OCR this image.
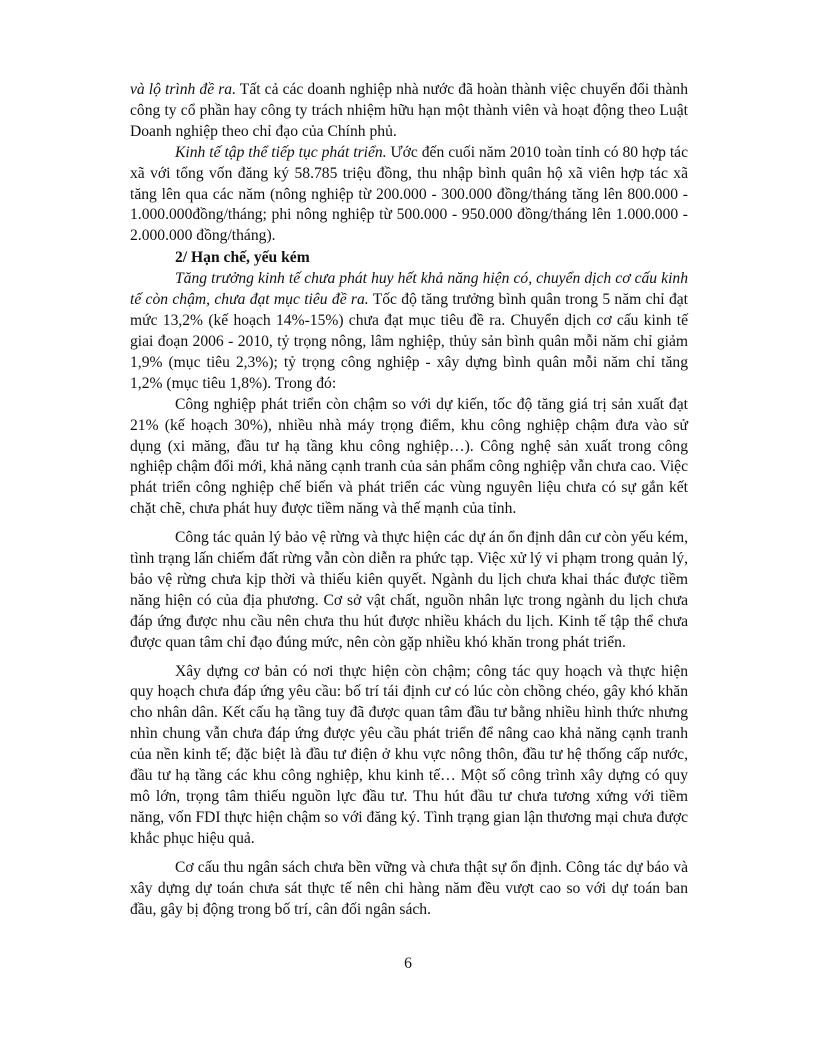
và lộ trình đề ra. Tất cả các doanh nghiệp nhà nước đã hoàn thành việc chuyển đổi thành công ty cổ phần hay công ty trách nhiệm hữu hạn một thành viên và hoạt động theo Luật Doanh nghiệp theo chỉ đạo của Chính phủ.

Kinh tế tập thể tiếp tục phát triển. Ước đến cuối năm 2010 toàn tỉnh có 80 hợp tác xã với tổng vốn đăng ký 58.785 triệu đồng, thu nhập bình quân hộ xã viên hợp tác xã tăng lên qua các năm (nông nghiệp từ 200.000 - 300.000 đồng/tháng tăng lên 800.000 - 1.000.000đồng/tháng; phi nông nghiệp từ 500.000 - 950.000 đồng/tháng lên 1.000.000 - 2.000.000 đồng/tháng).

2/ Hạn chế, yếu kém

Tăng trưởng kinh tế chưa phát huy hết khả năng hiện có, chuyển dịch cơ cấu kinh tế còn chậm, chưa đạt mục tiêu đề ra. Tốc độ tăng trưởng bình quân trong 5 năm chỉ đạt mức 13,2% (kế hoạch 14%-15%) chưa đạt mục tiêu đề ra. Chuyển dịch cơ cấu kinh tế giai đoạn 2006 - 2010, tỷ trọng nông, lâm nghiệp, thủy sản bình quân mỗi năm chỉ giảm 1,9% (mục tiêu 2,3%); tỷ trọng công nghiệp - xây dựng bình quân mỗi năm chỉ tăng 1,2% (mục tiêu 1,8%). Trong đó:

Công nghiệp phát triển còn chậm so với dự kiến, tốc độ tăng giá trị sản xuất đạt 21% (kế hoạch 30%), nhiều nhà máy trọng điểm, khu công nghiệp chậm đưa vào sử dụng (xi măng, đầu tư hạ tầng khu công nghiệp…). Công nghệ sản xuất trong công nghiệp chậm đổi mới, khả năng cạnh tranh của sản phẩm công nghiệp vẫn chưa cao. Việc phát triển công nghiệp chế biến và phát triển các vùng nguyên liệu chưa có sự gắn kết chặt chẽ, chưa phát huy được tiềm năng và thế mạnh của tỉnh.

Công tác quản lý bảo vệ rừng và thực hiện các dự án ổn định dân cư còn yếu kém, tình trạng lấn chiếm đất rừng vẫn còn diễn ra phức tạp. Việc xử lý vi phạm trong quản lý, bảo vệ rừng chưa kịp thời và thiếu kiên quyết. Ngành du lịch chưa khai thác được tiềm năng hiện có của địa phương. Cơ sở vật chất, nguồn nhân lực trong ngành du lịch chưa đáp ứng được nhu cầu nên chưa thu hút được nhiều khách du lịch. Kinh tế tập thể chưa được quan tâm chỉ đạo đúng mức, nên còn gặp nhiều khó khăn trong phát triển.

Xây dựng cơ bản có nơi thực hiện còn chậm; công tác quy hoạch và thực hiện quy hoạch chưa đáp ứng yêu cầu: bố trí tái định cư có lúc còn chồng chéo, gây khó khăn cho nhân dân. Kết cấu hạ tầng tuy đã được quan tâm đầu tư bằng nhiều hình thức nhưng nhìn chung vẫn chưa đáp ứng được yêu cầu phát triển để nâng cao khả năng cạnh tranh của nền kinh tế; đặc biệt là đầu tư điện ở khu vực nông thôn, đầu tư hệ thống cấp nước, đầu tư hạ tầng các khu công nghiệp, khu kinh tế… Một số công trình xây dựng có quy mô lớn, trọng tâm thiếu nguồn lực đầu tư. Thu hút đầu tư chưa tương xứng với tiềm năng, vốn FDI thực hiện chậm so với đăng ký. Tình trạng gian lận thương mại chưa được khắc phục hiệu quả.

Cơ cấu thu ngân sách chưa bền vững và chưa thật sự ổn định. Công tác dự báo và xây dựng dự toán chưa sát thực tế nên chi hàng năm đều vượt cao so với dự toán ban đầu, gây bị động trong bố trí, cân đối ngân sách.

6
